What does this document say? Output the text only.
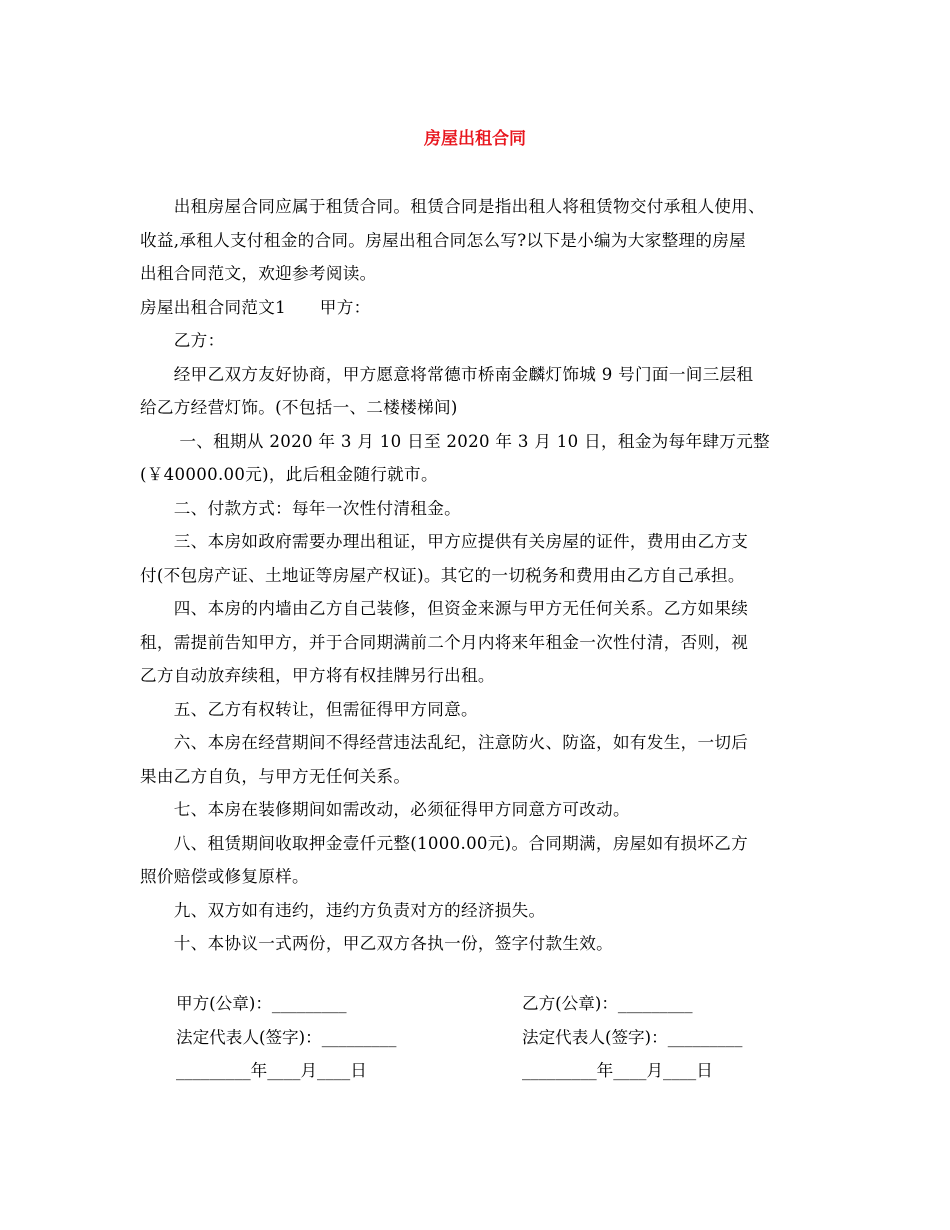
房屋出租合同
　　出租房屋合同应属于租赁合同。租赁合同是指出租人将租赁物交付承租人使用、
收益,承租人支付租金的合同。房屋出租合同怎么写?以下是小编为大家整理的房屋
出租合同范文，欢迎参考阅读。
房屋出租合同范文1　　甲方：
　　乙方：
　　经甲乙双方友好协商，甲方愿意将常德市桥南金麟灯饰城 9 号门面一间三层租
给乙方经营灯饰。(不包括一、二楼楼梯间)
　　 一、租期从 2020 年 3 月 10 日至 2020 年 3 月 10 日，租金为每年肆万元整
(￥40000.00元)，此后租金随行就市。
　　二、付款方式：每年一次性付清租金。
　　三、本房如政府需要办理出租证，甲方应提供有关房屋的证件，费用由乙方支
付(不包房产证、土地证等房屋产权证)。其它的一切税务和费用由乙方自己承担。
　　四、本房的内墙由乙方自己装修，但资金来源与甲方无任何关系。乙方如果续
租，需提前告知甲方，并于合同期满前二个月内将来年租金一次性付清，否则，视
乙方自动放弃续租，甲方将有权挂牌另行出租。
　　五、乙方有权转让，但需征得甲方同意。
　　六、本房在经营期间不得经营违法乱纪，注意防火、防盗，如有发生，一切后
果由乙方自负，与甲方无任何关系。
　　七、本房在装修期间如需改动，必须征得甲方同意方可改动。
　　八、租赁期间收取押金壹仟元整(1000.00元)。合同期满，房屋如有损坏乙方
照价赔偿或修复原样。
　　九、双方如有违约，违约方负责对方的经济损失。
　　十、本协议一式两份，甲乙双方各执一份，签字付款生效。
甲方(公章)：_________	乙方(公章)：_________
法定代表人(签字)：_________	法定代表人(签字)：_________
_________年____月____日	_________年____月____日
